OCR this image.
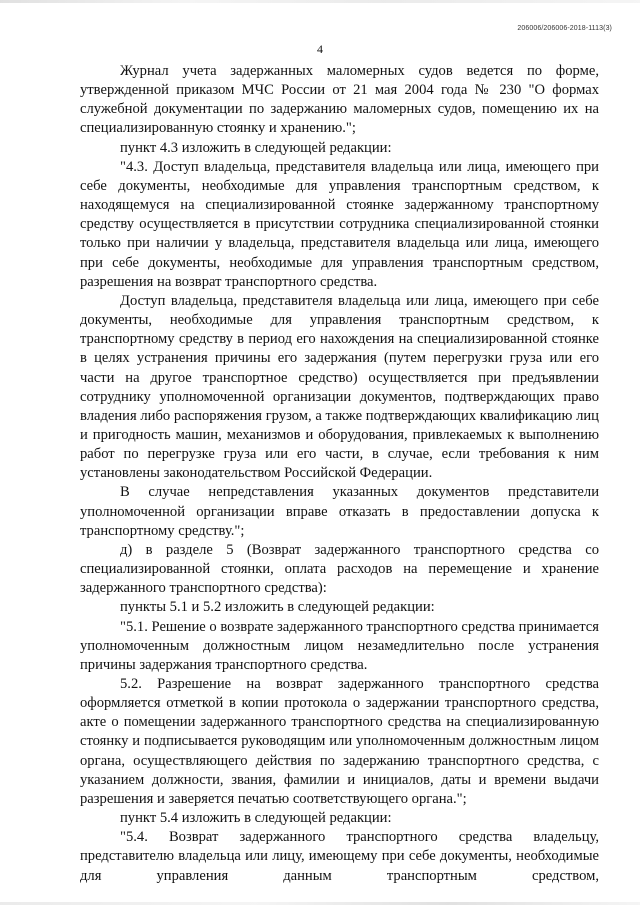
206006/206006-2018-1113(3)
4

Журнал учета задержанных маломерных судов ведется по форме, утвержденной приказом МЧС России от 21 мая 2004 года № 230 "О формах служебной документации по задержанию маломерных судов, помещению их на специализированную стоянку и хранению.";

пункт 4.3 изложить в следующей редакции:

"4.3. Доступ владельца, представителя владельца или лица, имеющего при себе документы, необходимые для управления транспортным средством, к находящемуся на специализированной стоянке задержанному транспортному средству осуществляется в присутствии сотрудника специализированной стоянки только при наличии у владельца, представителя владельца или лица, имеющего при себе документы, необходимые для управления транспортным средством, разрешения на возврат транспортного средства.

Доступ владельца, представителя владельца или лица, имеющего при себе документы, необходимые для управления транспортным средством, к транспортному средству в период его нахождения на специализированной стоянке в целях устранения причины его задержания (путем перегрузки груза или его части на другое транспортное средство) осуществляется при предъявлении сотруднику уполномоченной организации документов, подтверждающих право владения либо распоряжения грузом, а также подтверждающих квалификацию лиц и пригодность машин, механизмов и оборудования, привлекаемых к выполнению работ по перегрузке груза или его части, в случае, если требования к ним установлены законодательством Российской Федерации.

В случае непредставления указанных документов представители уполномоченной организации вправе отказать в предоставлении допуска к транспортному средству.";

д) в разделе 5 (Возврат задержанного транспортного средства со специализированной стоянки, оплата расходов на перемещение и хранение задержанного транспортного средства):

пункты 5.1 и 5.2 изложить в следующей редакции:

"5.1. Решение о возврате задержанного транспортного средства принимается уполномоченным должностным лицом незамедлительно после устранения причины задержания транспортного средства.

5.2. Разрешение на возврат задержанного транспортного средства оформляется отметкой в копии протокола о задержании транспортного средства, акте о помещении задержанного транспортного средства на специализированную стоянку и подписывается руководящим или уполномоченным должностным лицом органа, осуществляющего действия по задержанию транспортного средства, с указанием должности, звания, фамилии и инициалов, даты и времени выдачи разрешения и заверяется печатью соответствующего органа.";

пункт 5.4 изложить в следующей редакции:

"5.4. Возврат задержанного транспортного средства владельцу, представителю владельца или лицу, имеющему при себе документы, необходимые для управления данным транспортным средством,
